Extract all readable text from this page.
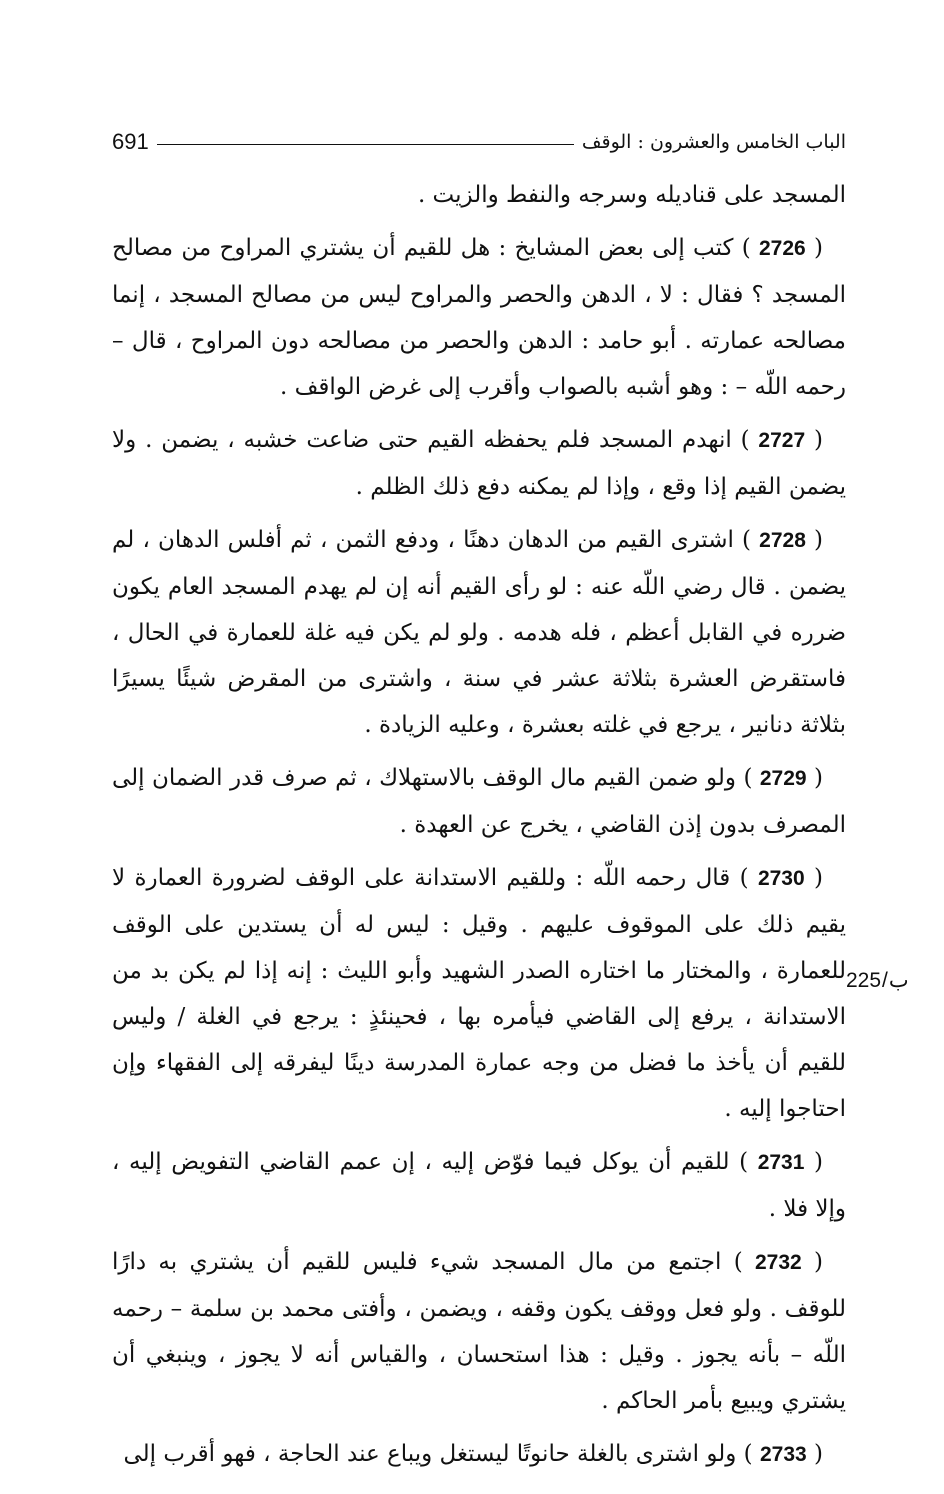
691	الباب الخامس والعشرون : الوقف
225/ب

المسجد على قناديله وسرجه والنفط والزيت .

 ( 2726 ) كتب إلى بعض المشايخ : هل للقيم أن يشتري المراوح من مصالح المسجد ؟ فقال : لا ، الدهن والحصر والمراوح ليس من مصالح المسجد ، إنما مصالحه عمارته . أبو حامد : الدهن والحصر من مصالحه دون المراوح ، قال – رحمه اللّه – : وهو أشبه بالصواب وأقرب إلى غرض الواقف .

 ( 2727 ) انهدم المسجد فلم يحفظه القيم حتى ضاعت خشبه ، يضمن . ولا يضمن القيم إذا وقع ، وإذا لم يمكنه دفع ذلك الظلم .

 ( 2728 ) اشترى القيم من الدهان دهنًا ، ودفع الثمن ، ثم أفلس الدهان ، لم يضمن . قال رضي اللّه عنه : لو رأى القيم أنه إن لم يهدم المسجد العام يكون ضرره في القابل أعظم ، فله هدمه . ولو لم يكن فيه غلة للعمارة في الحال ، فاستقرض العشرة بثلاثة عشر في سنة ، واشترى من المقرض شيئًا يسيرًا بثلاثة دنانير ، يرجع في غلته بعشرة ، وعليه الزيادة .

 ( 2729 ) ولو ضمن القيم مال الوقف بالاستهلاك ، ثم صرف قدر الضمان إلى المصرف بدون إذن القاضي ، يخرج عن العهدة .

 ( 2730 ) قال رحمه اللّه : وللقيم الاستدانة على الوقف لضرورة العمارة لا يقيم ذلك على الموقوف عليهم . وقيل : ليس له أن يستدين على الوقف للعمارة ، والمختار ما اختاره الصدر الشهيد وأبو الليث : إنه إذا لم يكن بد من الاستدانة ، يرفع إلى القاضي فيأمره بها ، فحينئذٍ : يرجع في الغلة / وليس للقيم أن يأخذ ما فضل من وجه عمارة المدرسة دينًا ليفرقه إلى الفقهاء وإن احتاجوا إليه .

 ( 2731 ) للقيم أن يوكل فيما فوّض إليه ، إن عمم القاضي التفويض إليه ، وإلا فلا .

 ( 2732 ) اجتمع من مال المسجد شيء فليس للقيم أن يشتري به دارًا للوقف . ولو فعل ووقف يكون وقفه ، ويضمن ، وأفتى محمد بن سلمة – رحمه اللّه – بأنه يجوز . وقيل : هذا استحسان ، والقياس أنه لا يجوز ، وينبغي أن يشتري ويبيع بأمر الحاكم .

 ( 2733 ) ولو اشترى بالغلة حانوتًا ليستغل ويباع عند الحاجة ، فهو أقرب إلى
